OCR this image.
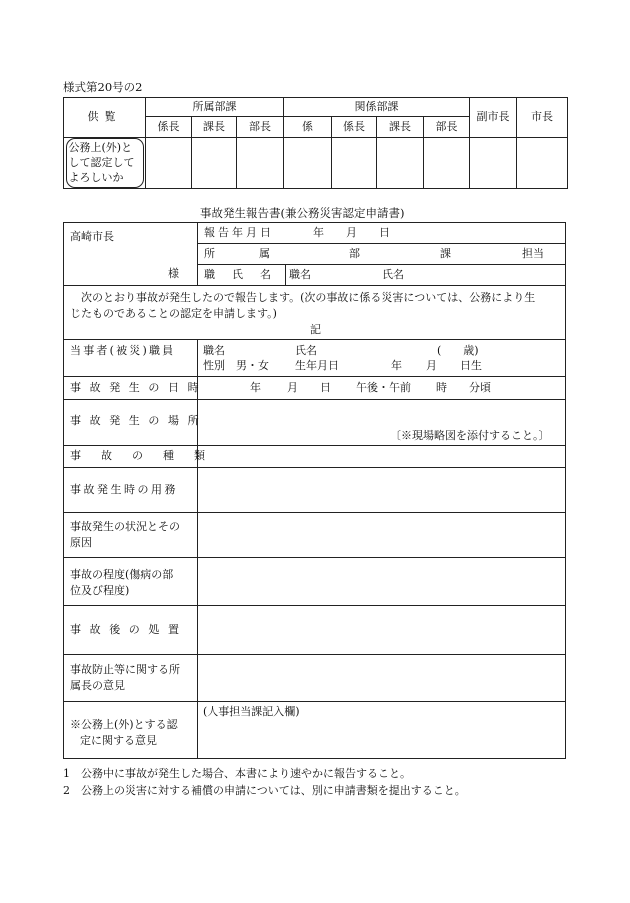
様式第20号の2
供覧	所属部課			関係部課				副市長	市長
	係長	課長	部長	係	係長	課長	部長		
公務上(外)として認定してよろしいか									
事故発生報告書(兼公務災害認定申請書)
高崎市長
様
報告年月日	年　　月　　日
所属	部	課	担当
職氏名 職名	氏名
次のとおり事故が発生したので報告します。(次の事故に係る災害については、公務により生
じたものであることの認定を申請します。)
記
当事者(被災)職員	職名	氏名	(　　歳)
性別　男・女 生年月日	年 月 日生
事故発生の日時	年 月 日 午後・午前 時 分頃
事故発生の場所
〔※現場略図を添付すること。〕
事故の種類
事故発生時の用務
事故発生の状況とその
原因
事故の程度(傷病の部
位及び程度)
事故後の処置
事故防止等に関する所
属長の意見
※公務上(外)とする認
定に関する意見
(人事担当課記入欄)
1　公務中に事故が発生した場合、本書により速やかに報告すること。
2　公務上の災害に対する補償の申請については、別に申請書類を提出すること。
